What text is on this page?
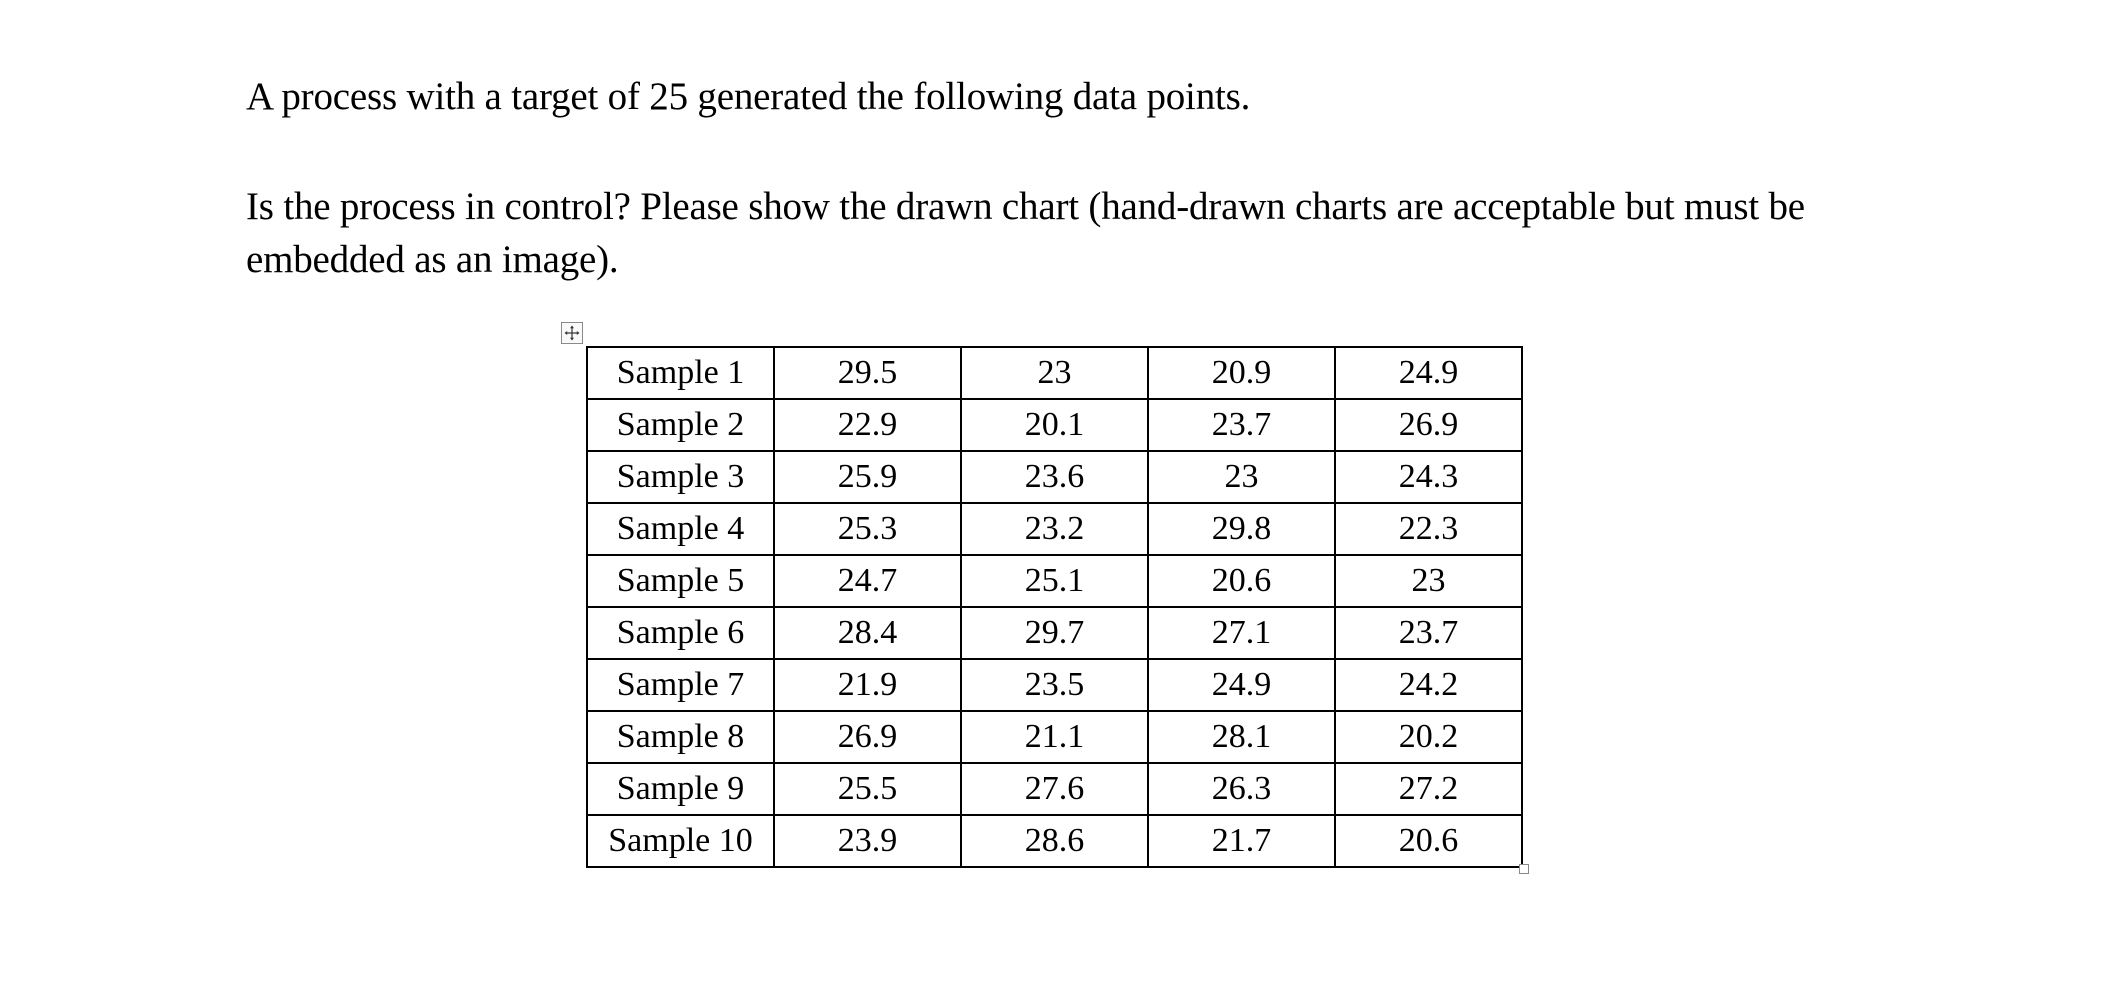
A process with a target of 25 generated the following data points.

Is the process in control? Please show the drawn chart (hand-drawn charts are acceptable but must be embedded as an image).

Sample 1	29.5	23	20.9	24.9
Sample 2	22.9	20.1	23.7	26.9
Sample 3	25.9	23.6	23	24.3
Sample 4	25.3	23.2	29.8	22.3
Sample 5	24.7	25.1	20.6	23
Sample 6	28.4	29.7	27.1	23.7
Sample 7	21.9	23.5	24.9	24.2
Sample 8	26.9	21.1	28.1	20.2
Sample 9	25.5	27.6	26.3	27.2
Sample 10	23.9	28.6	21.7	20.6
